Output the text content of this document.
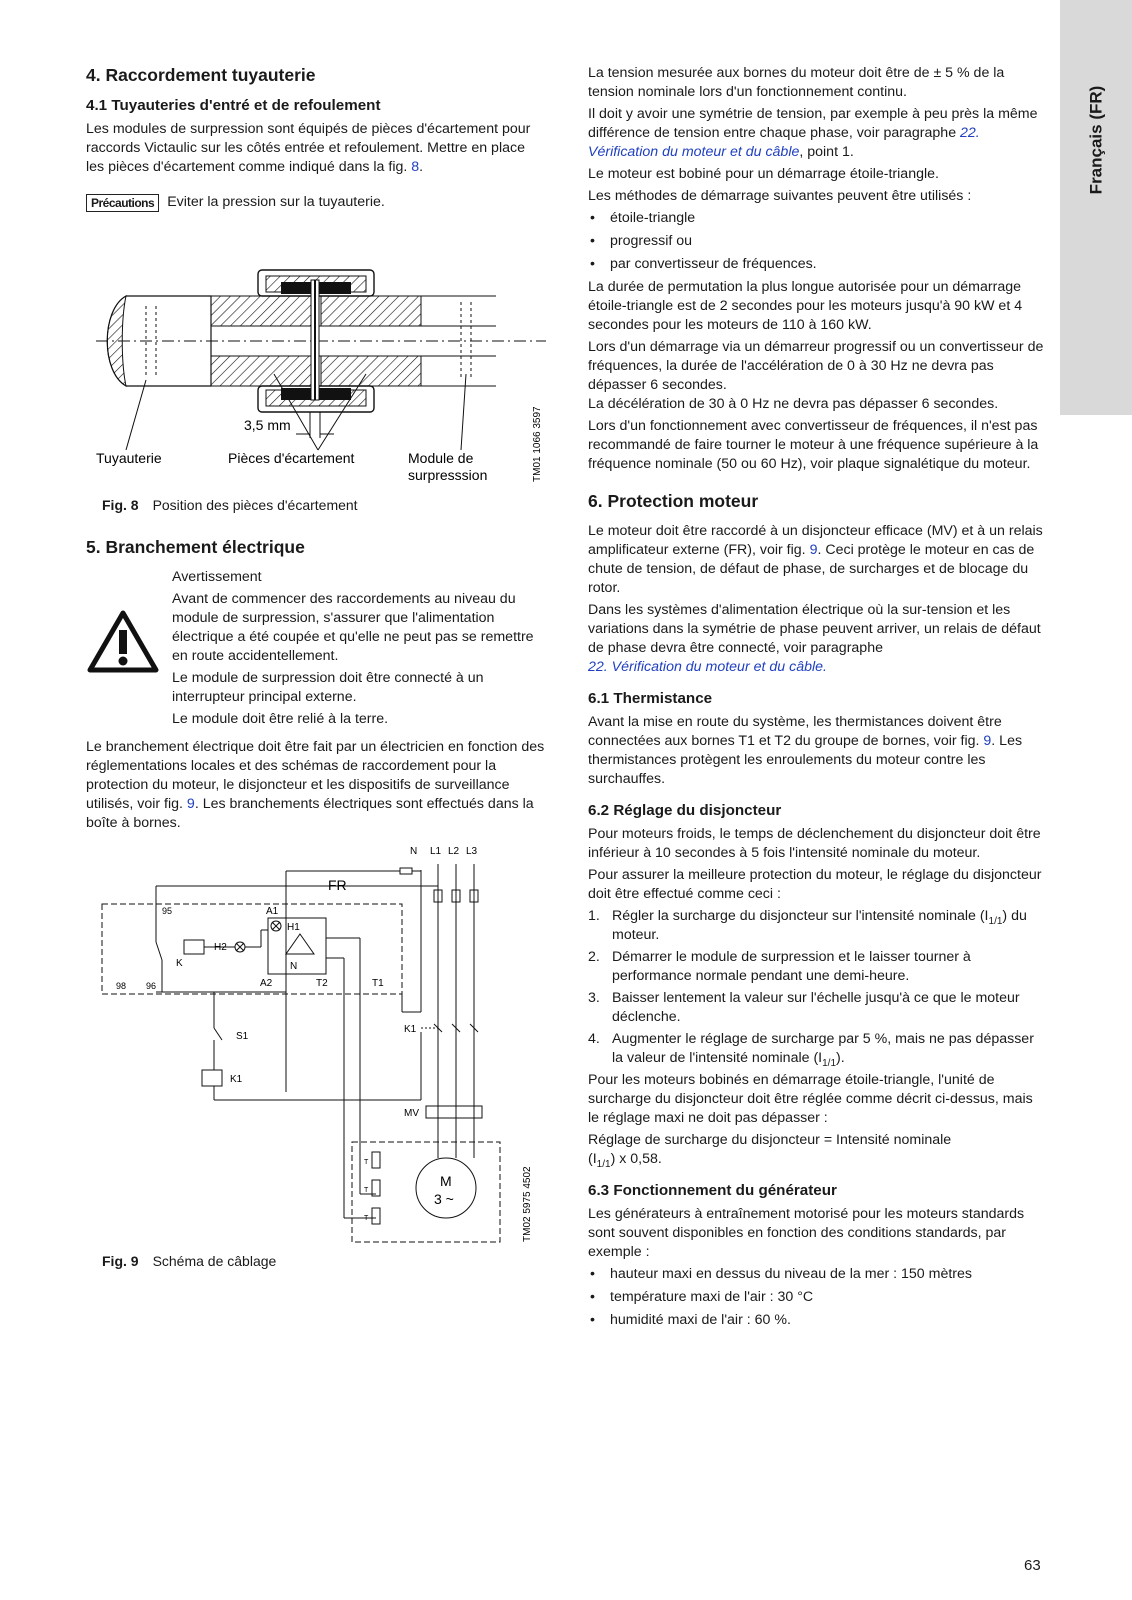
Français (FR)
4. Raccordement tuyauterie
4.1 Tuyauteries d'entré et de refoulement

Les modules de surpression sont équipés de pièces d'écartement pour raccords Victaulic sur les côtés entrée et refoulement. Mettre en place les pièces d'écartement comme indiqué dans la fig. 8.

Précautions Eviter la pression sur la tuyauterie.
3,5 mm
Tuyauterie	Pièces d'écartement	Module de
surpresssion	TM01 1066 3597
Fig. 8 Position des pièces d'écartement
5. Branchement électrique

Avertissement

Avant de commencer des raccordements au niveau du module de surpression, s'assurer que l'alimentation électrique a été coupée et qu'elle ne peut pas se remettre en route accidentellement.

Le module de surpression doit être connecté à un interrupteur principal externe.

Le module doit être relié à la terre.

Le branchement électrique doit être fait par un électricien en fonction des réglementations locales et des schémas de raccordement pour la protection du moteur, le disjoncteur et les dispositifs de surveillance utilisés, voir fig. 9. Les branchements électriques sont effectués dans la boîte à bornes.

N L1 L2 L3
FR
95	A1
H1
H2
K	N
98 96	A2	T2	T1
K1
S1
K1
MV
T
T
T
M
3 ~	TM02 5975 4502
Fig. 9 Schéma de câblage

La tension mesurée aux bornes du moteur doit être de ± 5 % de la tension nominale lors d'un fonctionnement continu.

Il doit y avoir une symétrie de tension, par exemple à peu près la même différence de tension entre chaque phase, voir paragraphe 22. Vérification du moteur et du câble, point 1.

Le moteur est bobiné pour un démarrage étoile-triangle.

Les méthodes de démarrage suivantes peuvent être utilisés :

• étoile-triangle
• progressif ou
• par convertisseur de fréquences.

La durée de permutation la plus longue autorisée pour un démarrage étoile-triangle est de 2 secondes pour les moteurs jusqu'à 90 kW et 4 secondes pour les moteurs de 110 à 160 kW.

Lors d'un démarrage via un démarreur progressif ou un convertisseur de fréquences, la durée de l'accélération de 0 à 30 Hz ne devra pas dépasser 6 secondes.

La décélération de 30 à 0 Hz ne devra pas dépasser 6 secondes.

Lors d'un fonctionnement avec convertisseur de fréquences, il n'est pas recommandé de faire tourner le moteur à une fréquence supérieure à la fréquence nominale (50 ou 60 Hz), voir plaque signalétique du moteur.

6. Protection moteur

Le moteur doit être raccordé à un disjoncteur efficace (MV) et à un relais amplificateur externe (FR), voir fig. 9. Ceci protège le moteur en cas de chute de tension, de défaut de phase, de surcharges et de blocage du rotor.

Dans les systèmes d'alimentation électrique où la sur-tension et les variations dans la symétrie de phase peuvent arriver, un relais de défaut de phase devra être connecté, voir paragraphe
22. Vérification du moteur et du câble.

6.1 Thermistance

Avant la mise en route du système, les thermistances doivent être connectées aux bornes T1 et T2 du groupe de bornes, voir fig. 9. Les thermistances protègent les enroulements du moteur contre les surchauffes.

6.2 Réglage du disjoncteur

Pour moteurs froids, le temps de déclenchement du disjoncteur doit être inférieur à 10 secondes à 5 fois l'intensité nominale du moteur.

Pour assurer la meilleure protection du moteur, le réglage du disjoncteur doit être effectué comme ceci :

1. Régler la surcharge du disjoncteur sur l'intensité nominale $(I_{1/1})$ du moteur.
2. Démarrer le module de surpression et le laisser tourner à performance normale pendant une demi-heure.
3. Baisser lentement la valeur sur l'échelle jusqu'à ce que le moteur déclenche.
4. Augmenter le réglage de surcharge par 5 %, mais ne pas dépasser la valeur de l'intensité nominale $(I_{1/1})$.

Pour les moteurs bobinés en démarrage étoile-triangle, l'unité de surcharge du disjoncteur doit être réglée comme décrit ci-dessus, mais le réglage maxi ne doit pas dépasser :

Réglage de surcharge du disjoncteur = Intensité nominale
$(I_{1/1})$ x 0,58.

6.3 Fonctionnement du générateur

Les générateurs à entraînement motorisé pour les moteurs standards sont souvent disponibles en fonction des conditions standards, par exemple :

• hauteur maxi en dessus du niveau de la mer : 150 mètres
• température maxi de l'air : 30 °C
• humidité maxi de l'air : 60 %.
63
